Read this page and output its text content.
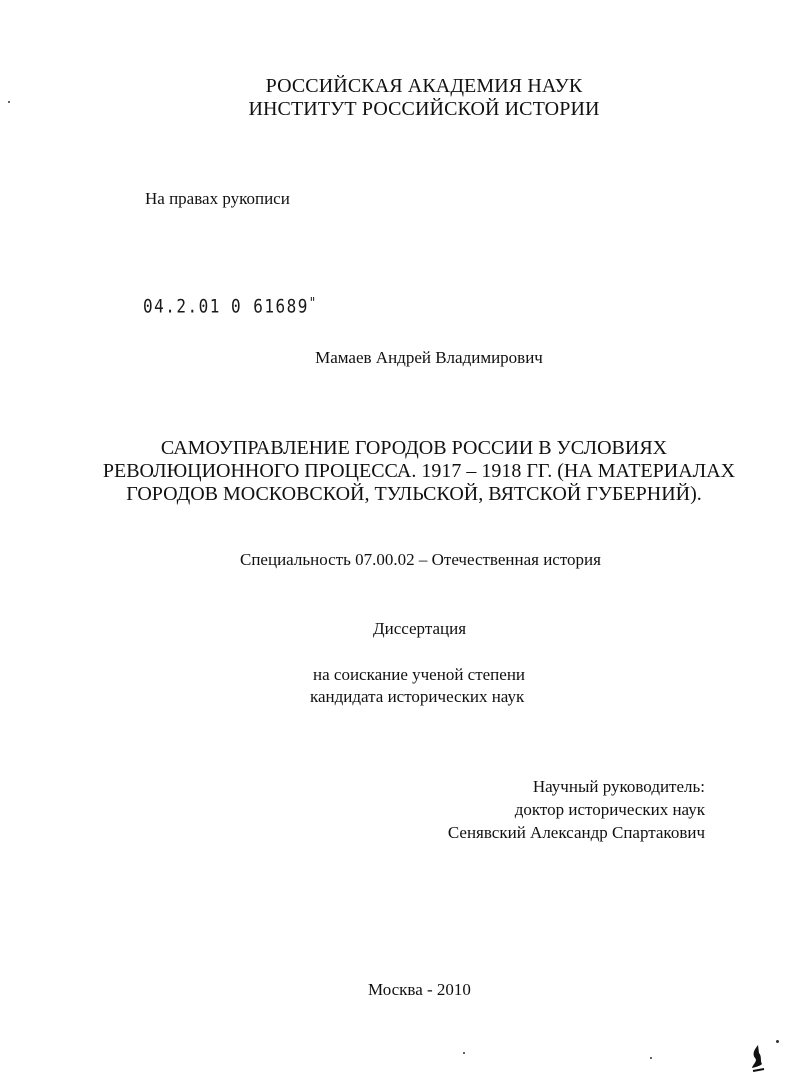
РОССИЙСКАЯ АКАДЕМИЯ НАУК
ИНСТИТУТ РОССИЙСКОЙ ИСТОРИИ
На правах рукописи
04.2.01 0 61689"
Мамаев Андрей Владимирович
САМОУПРАВЛЕНИЕ ГОРОДОВ РОССИИ В УСЛОВИЯХ
РЕВОЛЮЦИОННОГО ПРОЦЕССА. 1917 – 1918 ГГ. (НА МАТЕРИАЛАХ
ГОРОДОВ МОСКОВСКОЙ, ТУЛЬСКОЙ, ВЯТСКОЙ ГУБЕРНИЙ).
Специальность 07.00.02 – Отечественная история
Диссертация
на соискание ученой степени
кандидата исторических наук
Научный руководитель:
доктор исторических наук
Сенявский Александр Спартакович
Москва - 2010
